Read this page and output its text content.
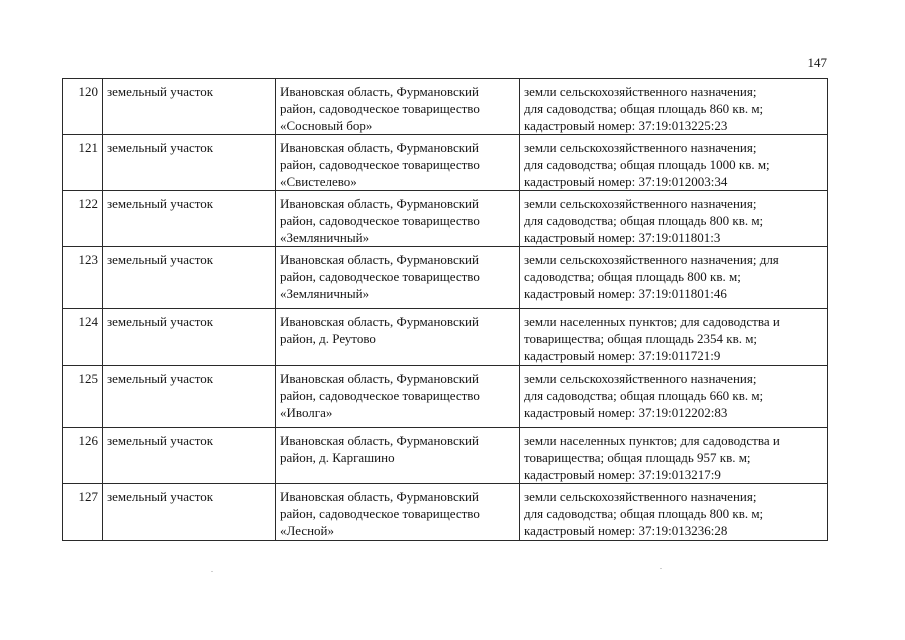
147
120	земельный участок	Ивановская область, Фурмановский
район, садоводческое товарищество
«Сосновый бор»	земли сельскохозяйственного назначения;
для садоводства; общая площадь 860 кв. м;
кадастровый номер: 37:19:013225:23

121	земельный участок	Ивановская область, Фурмановский
район, садоводческое товарищество
«Свистелево»	земли сельскохозяйственного назначения;
для садоводства; общая площадь 1000 кв. м;
кадастровый номер: 37:19:012003:34

122	земельный участок	Ивановская область, Фурмановский
район, садоводческое товарищество
«Земляничный»	земли сельскохозяйственного назначения;
для садоводства; общая площадь 800 кв. м;
кадастровый номер: 37:19:011801:3

123	земельный участок	Ивановская область, Фурмановский
район, садоводческое товарищество
«Земляничный»	земли сельскохозяйственного назначения; для
садоводства; общая площадь 800 кв. м;
кадастровый номер: 37:19:011801:46

124	земельный участок	Ивановская область, Фурмановский
район, д. Реутово	земли населенных пунктов; для садоводства и
товарищества; общая площадь 2354 кв. м;
кадастровый номер: 37:19:011721:9

125	земельный участок	Ивановская область, Фурмановский
район, садоводческое товарищество
«Иволга»	земли сельскохозяйственного назначения;
для садоводства; общая площадь 660 кв. м;
кадастровый номер: 37:19:012202:83

126	земельный участок	Ивановская область, Фурмановский
район, д. Каргашино	земли населенных пунктов; для садоводства и
товарищества; общая площадь 957 кв. м;
кадастровый номер: 37:19:013217:9

127	земельный участок	Ивановская область, Фурмановский
район, садоводческое товарищество
«Лесной»	земли сельскохозяйственного назначения;
для садоводства; общая площадь 800 кв. м;
кадастровый номер: 37:19:013236:28
